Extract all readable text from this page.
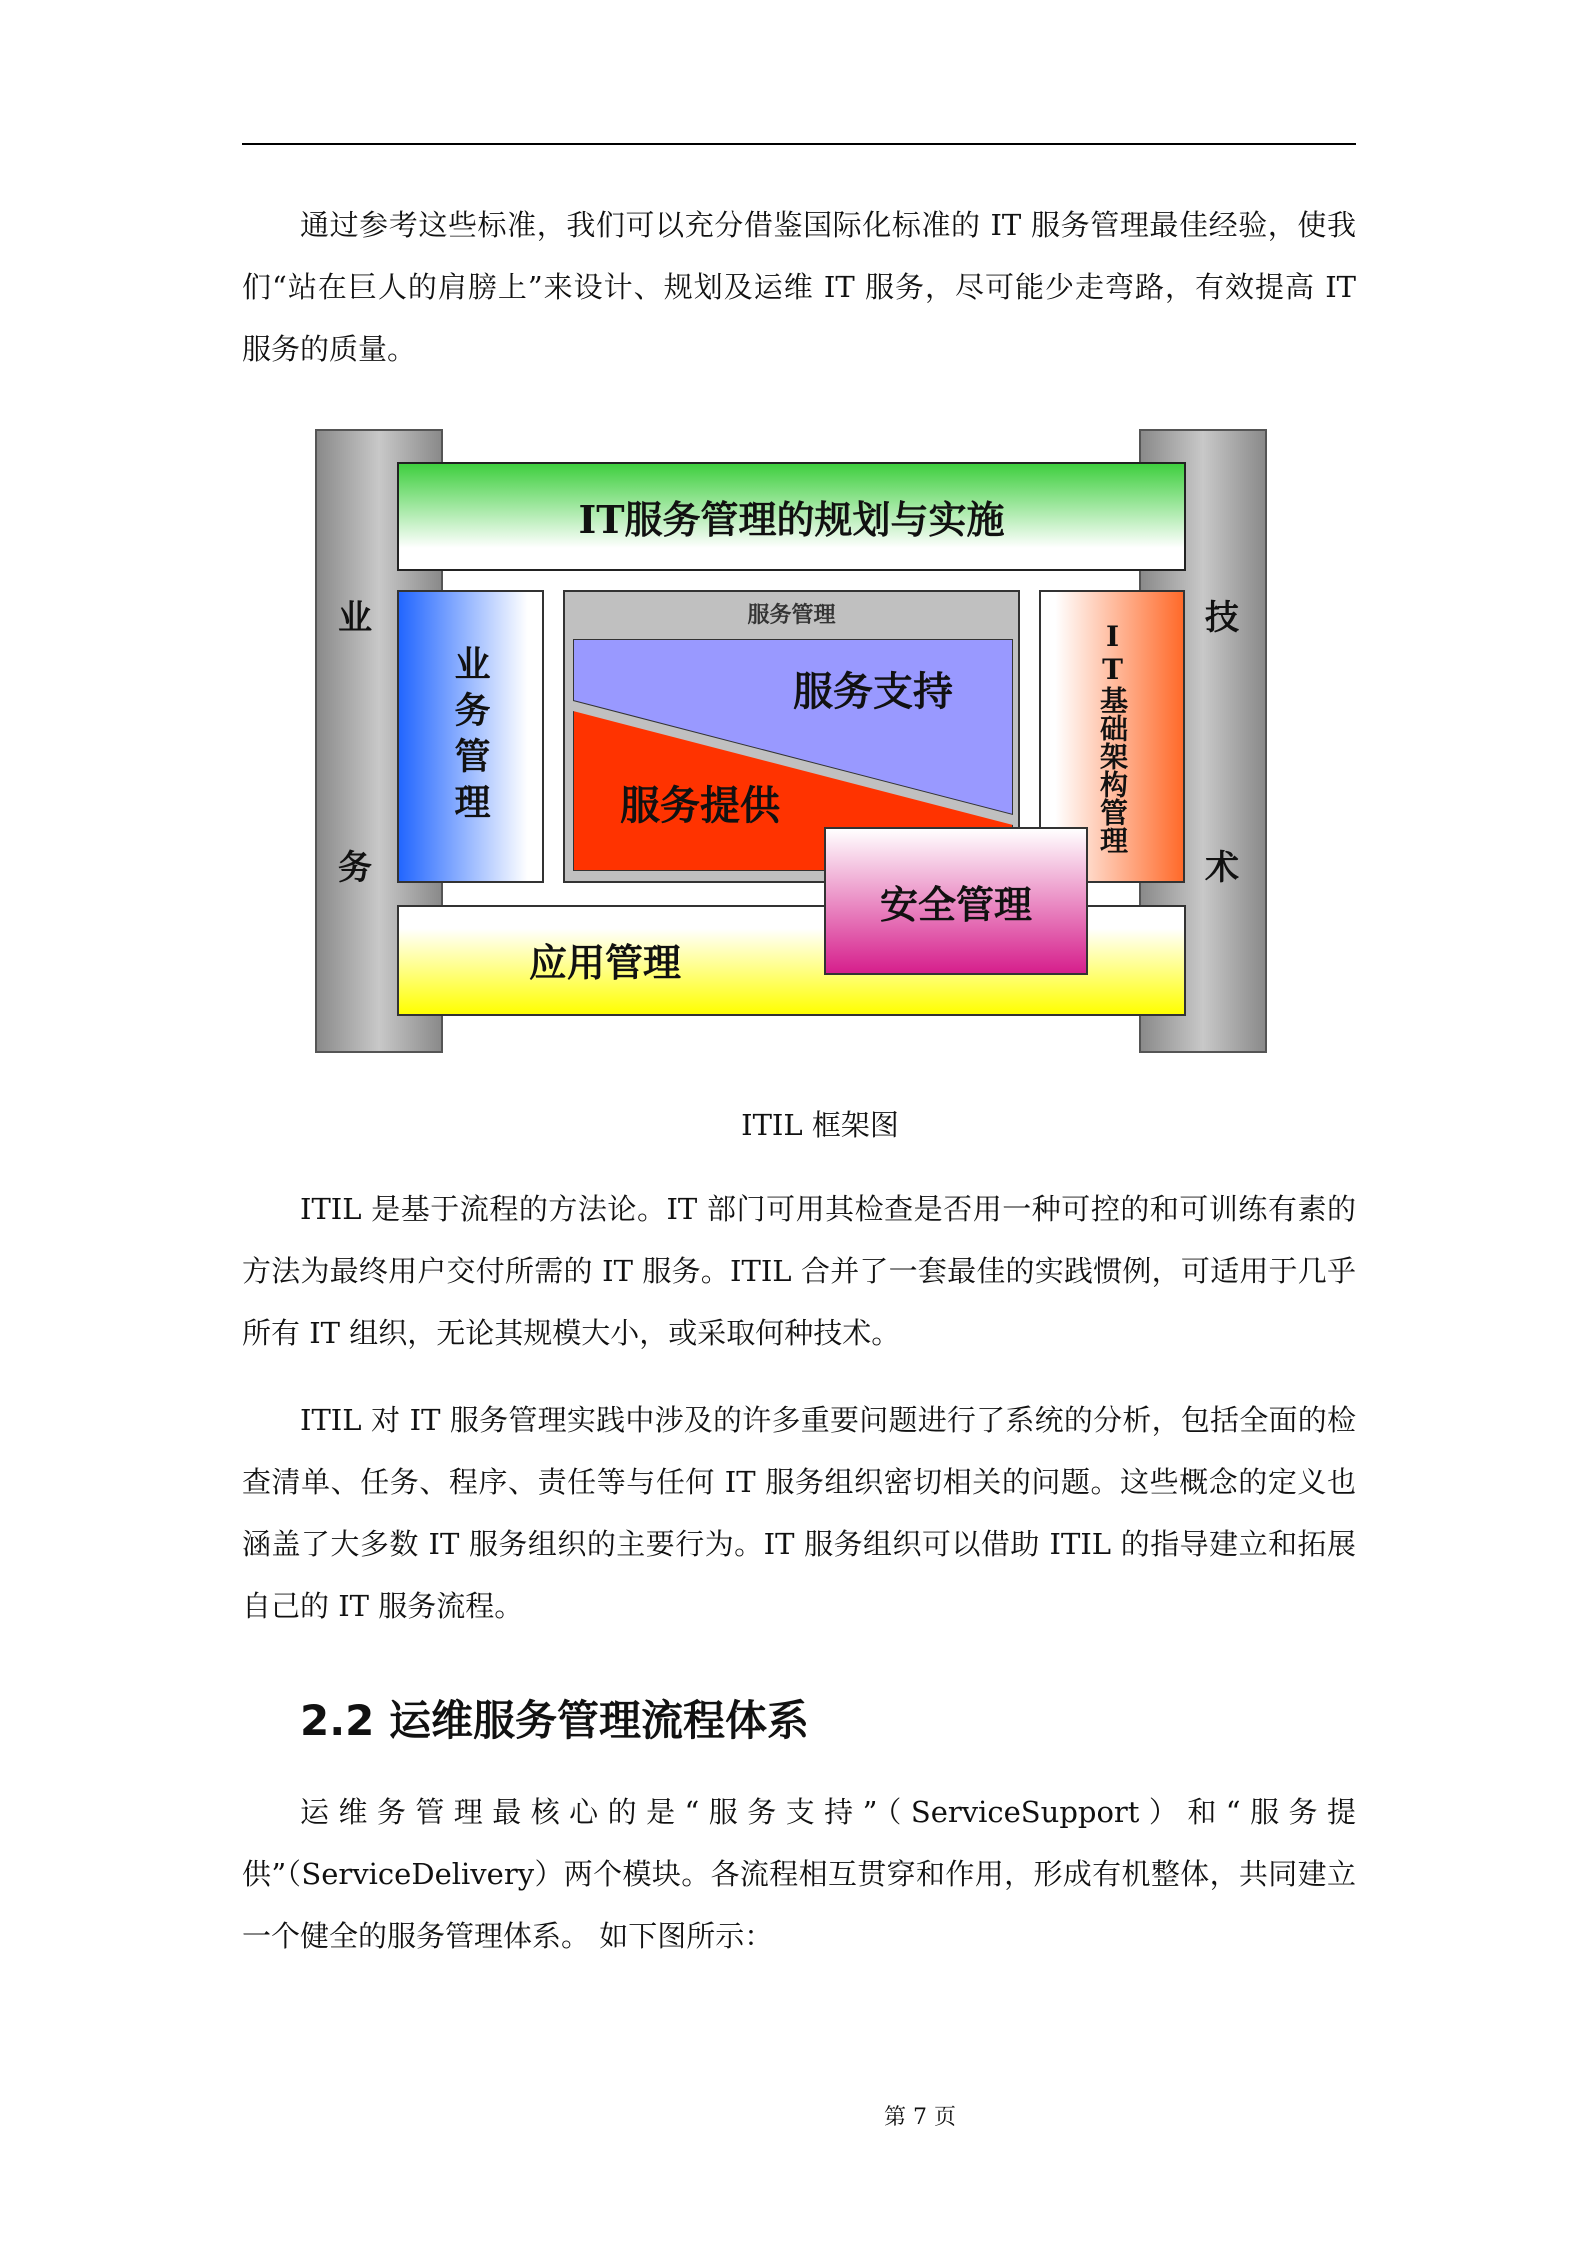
通过参考这些标准，我们可以充分借鉴国际化标准的 IT 服务管理最佳经验，使我们“站在巨人的肩膀上”来设计、规划及运维 IT 服务，尽可能少走弯路，有效提高 IT 服务的质量。

业
务
技
术
IT服务管理的规划与实施
业务管理
服务管理
服务支持
服务提供	IT基础架构管理
应用管理
安全管理
ITIL 框架图

ITIL 是基于流程的方法论。IT 部门可用其检查是否用一种可控的和可训练有素的方法为最终用户交付所需的 IT 服务。ITIL 合并了一套最佳的实践惯例，可适用于几乎所有 IT 组织，无论其规模大小，或采取何种技术。

ITIL 对 IT 服务管理实践中涉及的许多重要问题进行了系统的分析，包括全面的检查清单、任务、程序、责任等与任何 IT 服务组织密切相关的问题。这些概念的定义也涵盖了大多数 IT 服务组织的主要行为。IT 服务组织可以借助 ITIL 的指导建立和拓展自己的 IT 服务流程。

2.2 运维服务管理流程体系

运维务管理最核心的是“服务支持”（ServiceSupport）和“服务提供”（ServiceDelivery）两个模块。各流程相互贯穿和作用，形成有机整体，共同建立一个健全的服务管理体系。 如下图所示：

第 7 页
